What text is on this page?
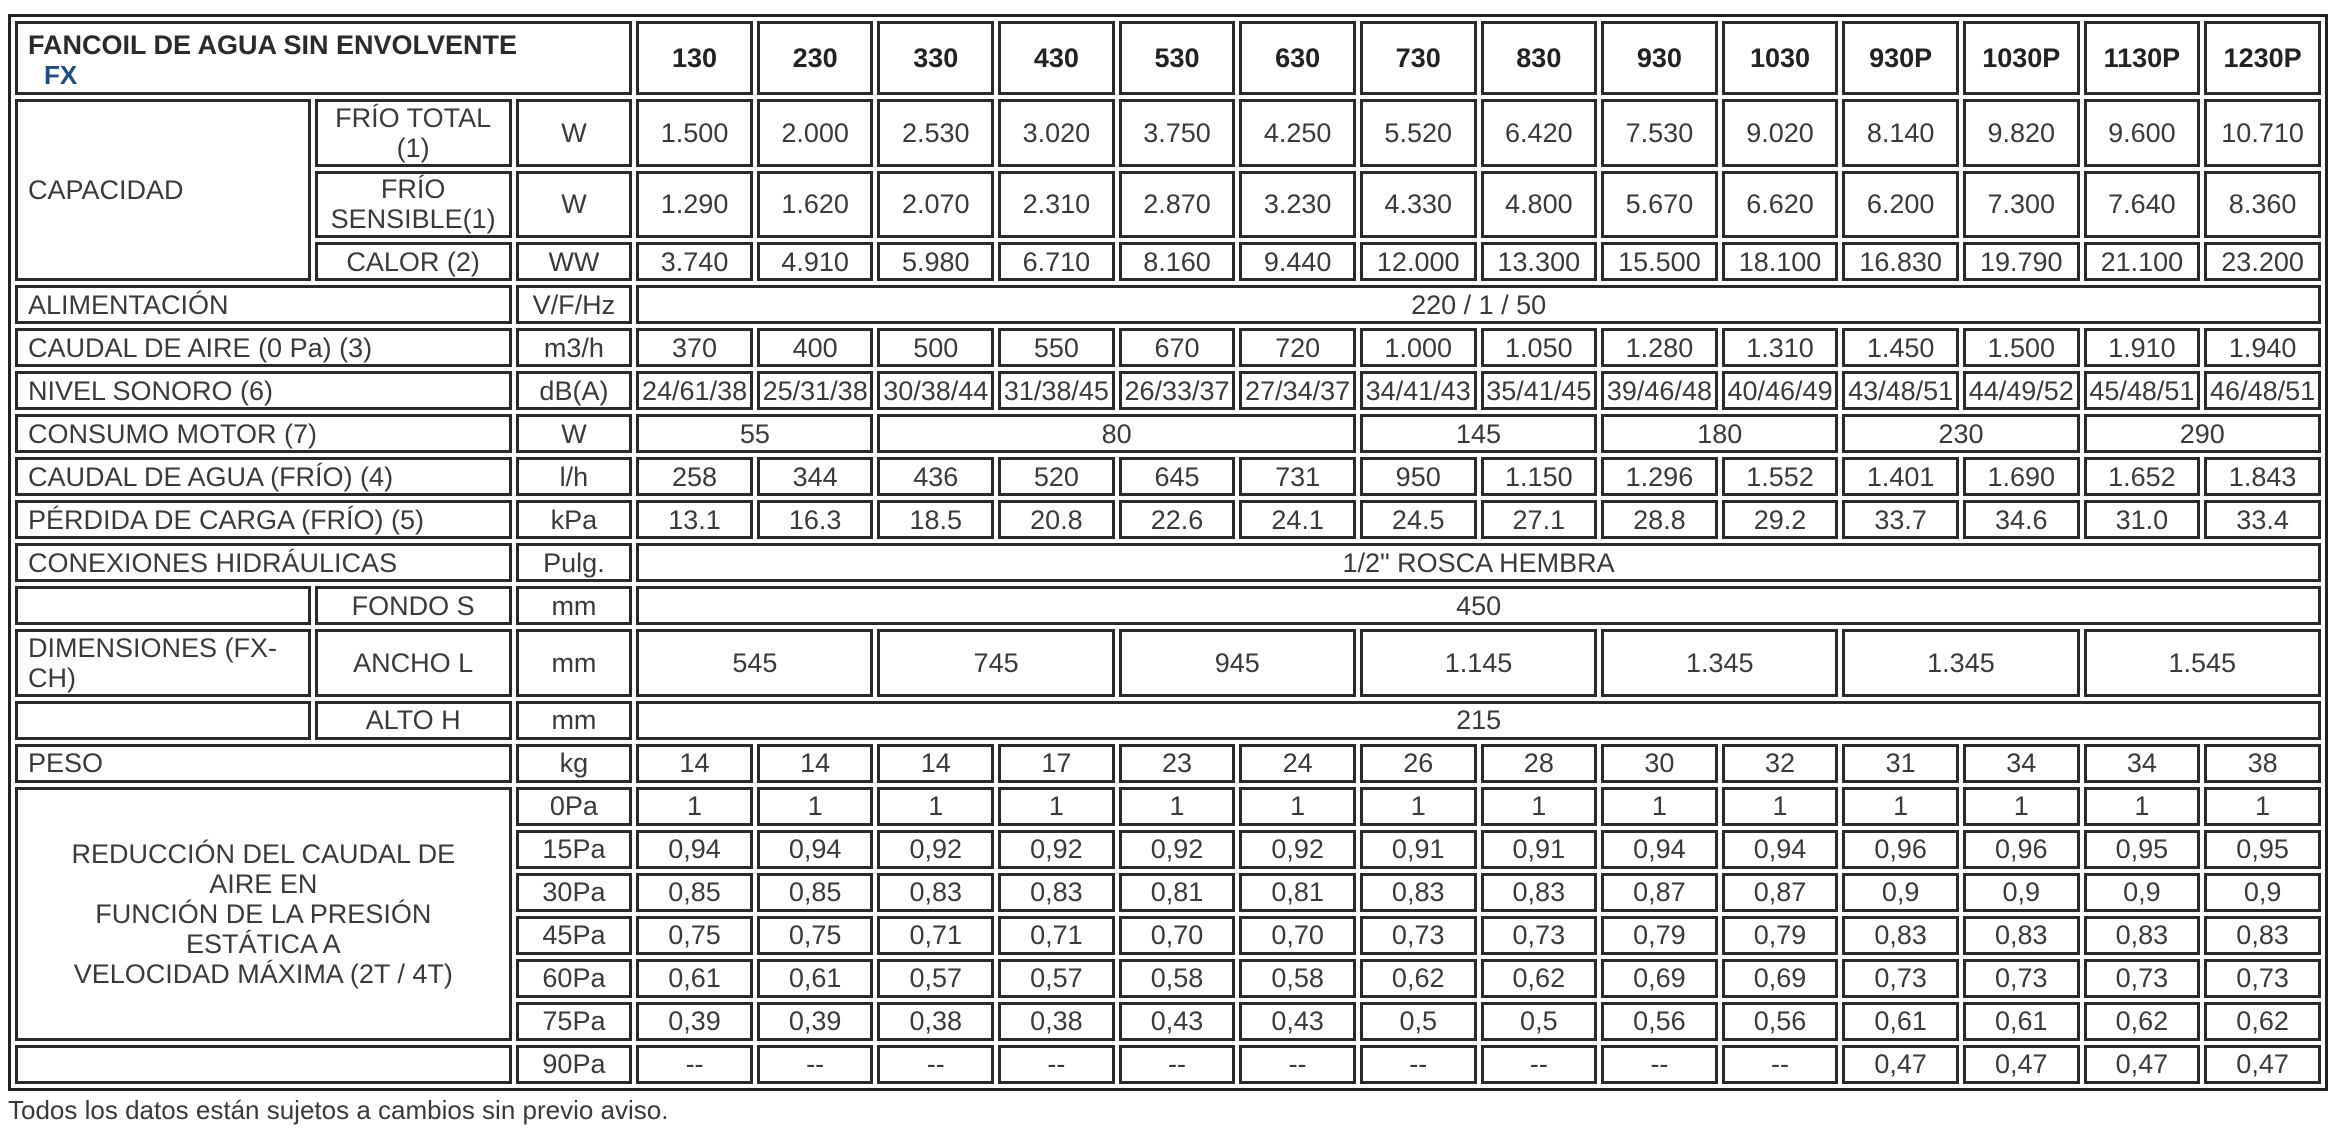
FANCOIL DE AGUA SIN ENVOLVENTE
FX			130	230	330	430	530	630	730	830	930	1030	930P	1030P	1130P	1230P
CAPACIDAD	FRÍO TOTAL (1)	W	1.500	2.000	2.530	3.020	3.750	4.250	5.520	6.420	7.530	9.020	8.140	9.820	9.600	10.710
	FRÍO SENSIBLE(1)	W	1.290	1.620	2.070	2.310	2.870	3.230	4.330	4.800	5.670	6.620	6.200	7.300	7.640	8.360
	CALOR (2)	WW	3.740	4.910	5.980	6.710	8.160	9.440	12.000	13.300	15.500	18.100	16.830	19.790	21.100	23.200
ALIMENTACIÓN		V/F/Hz	220 / 1 / 50													
CAUDAL DE AIRE (0 Pa) (3)		m3/h	370	400	500	550	670	720	1.000	1.050	1.280	1.310	1.450	1.500	1.910	1.940
NIVEL SONORO (6)		dB(A)	24/61/38	25/31/38	30/38/44	31/38/45	26/33/37	27/34/37	34/41/43	35/41/45	39/46/48	40/46/49	43/48/51	44/49/52	45/48/51	46/48/51
CONSUMO MOTOR (7)		W	55		80				145		180		230		290	
CAUDAL DE AGUA (FRÍO) (4)		l/h	258	344	436	520	645	731	950	1.150	1.296	1.552	1.401	1.690	1.652	1.843
PÉRDIDA DE CARGA (FRÍO) (5)		kPa	13.1	16.3	18.5	20.8	22.6	24.1	24.5	27.1	28.8	29.2	33.7	34.6	31.0	33.4
CONEXIONES HIDRÁULICAS		Pulg.	1/2" ROSCA HEMBRA													
	FONDO S	mm	450													
DIMENSIONES (FX-CH)	ANCHO L	mm	545		745		945		1.145		1.345		1.345		1.545	
	ALTO H	mm	215													
PESO		kg	14	14	14	17	23	24	26	28	30	32	31	34	34	38

REDUCCIÓN DEL CAUDAL DE
AIRE EN
FUNCIÓN DE LA PRESIÓN
ESTÁTICA A
VELOCIDAD MÁXIMA (2T / 4T)		0Pa	1	1	1	1	1	1	1	1	1	1	1	1	1	1
		15Pa	0,94	0,94	0,92	0,92	0,92	0,92	0,91	0,91	0,94	0,94	0,96	0,96	0,95	0,95
		30Pa	0,85	0,85	0,83	0,83	0,81	0,81	0,83	0,83	0,87	0,87	0,9	0,9	0,9	0,9
		45Pa	0,75	0,75	0,71	0,71	0,70	0,70	0,73	0,73	0,79	0,79	0,83	0,83	0,83	0,83
		60Pa	0,61	0,61	0,57	0,57	0,58	0,58	0,62	0,62	0,69	0,69	0,73	0,73	0,73	0,73
		75Pa	0,39	0,39	0,38	0,38	0,43	0,43	0,5	0,5	0,56	0,56	0,61	0,61	0,62	0,62
		90Pa	--	--	--	--	--	--	--	--	--	--	0,47	0,47	0,47	0,47
Todos los datos están sujetos a cambios sin previo aviso.
